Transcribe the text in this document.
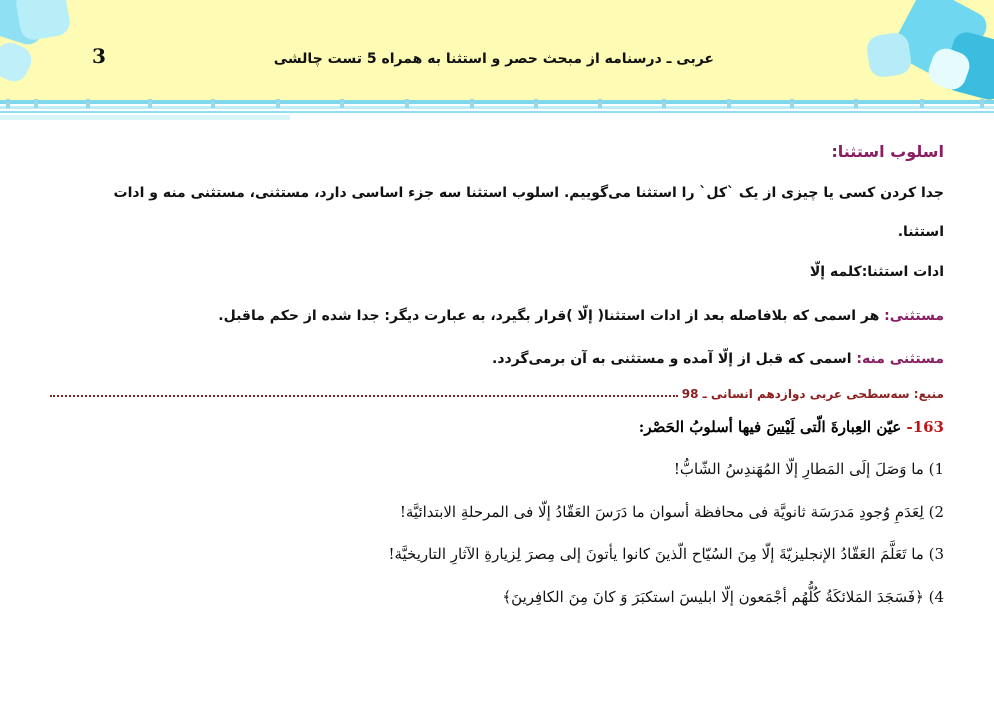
3	عربی ـ درسنامه از مبحث حصر و استثنا به همراه 5 تست چالشی
اسلوب استثنا:
جدا کردن کسی یا چیزی از یک `کل` را استثنا می‌گوییم. اسلوب استثنا سه جزء اساسی دارد، مستثنی، مستثنی منه و ادات
استثنا.
ادات استثنا:کلمه إلّا
مستثنی: هر اسمی که بلافاصله بعد از ادات استثنا( إلّا )قرار بگیرد، به عبارت دیگر: جدا شده از حکم ماقبل.
مستثنی منه: اسمی که قبل از إلّا آمده و مستثنی به آن برمی‌گردد.
منبع: سه‌سطحی عربی دوازدهم انسانی ـ 98
163- عيّن العِبارةَ الّتی لَيْسَ فيها أسلوبُ الحَصْر:
1) ما وَصَلَ إلَی المَطارِ إلّا المُهَندِسُ الشّابُّ!
2) لِعَدَمِ وُجودِ مَدرَسَة ثانويَّة فی محافظة أسوان ما دَرَسَ العَقّادُ إلّا فی المرحلةِ الابتدائيَّة!
3) ما تَعَلَّمَ العَقّادُ الإنجليزيّةَ إلّا مِنَ السُيّاح الّذينَ كانوا يأتونَ إلی مِصرَ لِزيارةِ الآثارِ التاريخيَّة!
4) ﴿فَسَجَدَ المَلائكَةُ كُلُّهُم أجْمَعون إلّا ابليسَ استكبَرَ وَ كانَ مِنَ الكافِرينَ﴾
